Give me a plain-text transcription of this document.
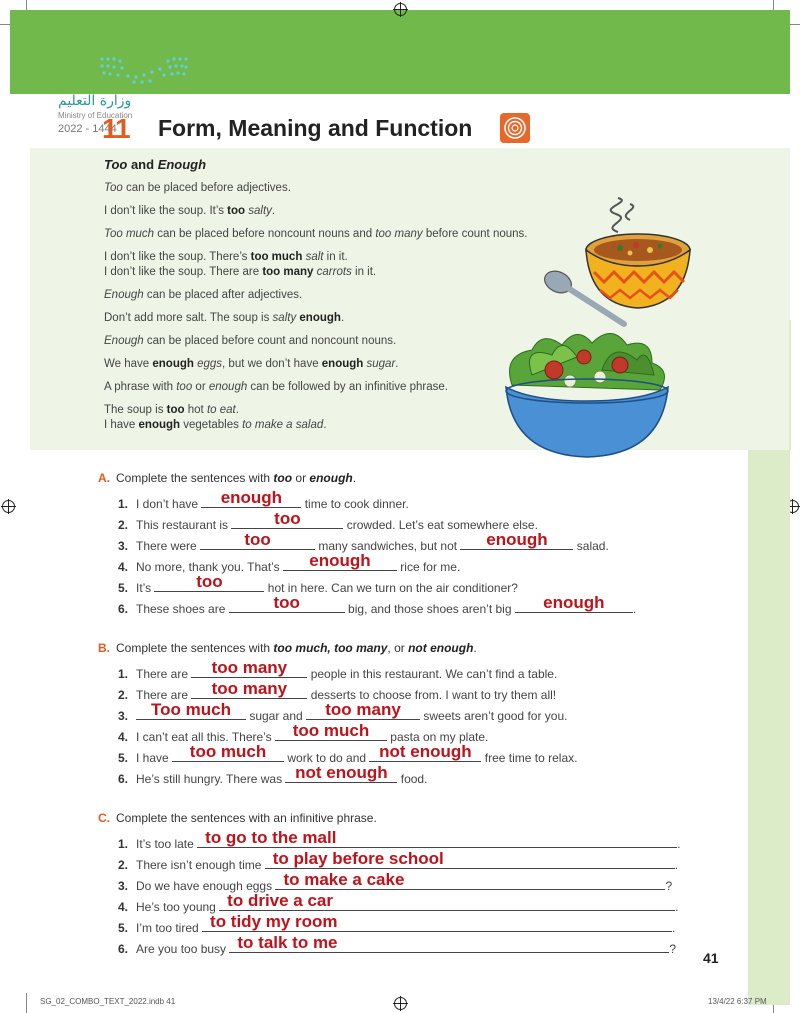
وزارة التعليم
Ministry of Education
2022 - 1444
11 Form, Meaning and Function
Too and Enough
Too can be placed before adjectives.
I don’t like the soup. It’s too salty.
Too much can be placed before noncount nouns and too many before count nouns.
I don’t like the soup. There’s too much salt in it.
I don’t like the soup. There are too many carrots in it.
Enough can be placed after adjectives.
Don’t add more salt. The soup is salty enough.
Enough can be placed before count and noncount nouns.
We have enough eggs, but we don’t have enough sugar.
A phrase with too or enough can be followed by an infinitive phrase.
The soup is too hot to eat.
I have enough vegetables to make a salad.
A. Complete the sentences with too or enough.
1. I don’t have	enough	time to cook dinner.
2. This restaurant is	too	crowded. Let’s eat somewhere else.
3. There were	too	many sandwiches, but not	enough	salad.
4. No more, thank you. That’s	enough	rice for me.
5. It’s	too	hot in here. Can we turn on the air conditioner?
6. These shoes are	too	big, and those shoes aren’t big	enough	.
B. Complete the sentences with too much, too many, or not enough.
1. There are	too many	people in this restaurant. We can’t find a table.
2. There are	too many	desserts to choose from. I want to try them all!
3.	Too much	sugar and	too many	sweets aren’t good for you.
4. I can’t eat all this. There’s	too much	pasta on my plate.
5. I have	too much	work to do and not enough free time to relax.
6. He’s still hungry. There was not enough food.
C. Complete the sentences with an infinitive phrase.
1. It’s too late to go to the mall	.
2. There isn’t enough time to play before school	.
3. Do we have enough eggs to make a cake	?
4. He’s too young to drive a car	.
5. I’m too tired to tidy my room	.
6. Are you too busy to talk to me	?
41
SG_02_COMBO_TEXT_2022.indb 41	13/4/22 6:37 PM
